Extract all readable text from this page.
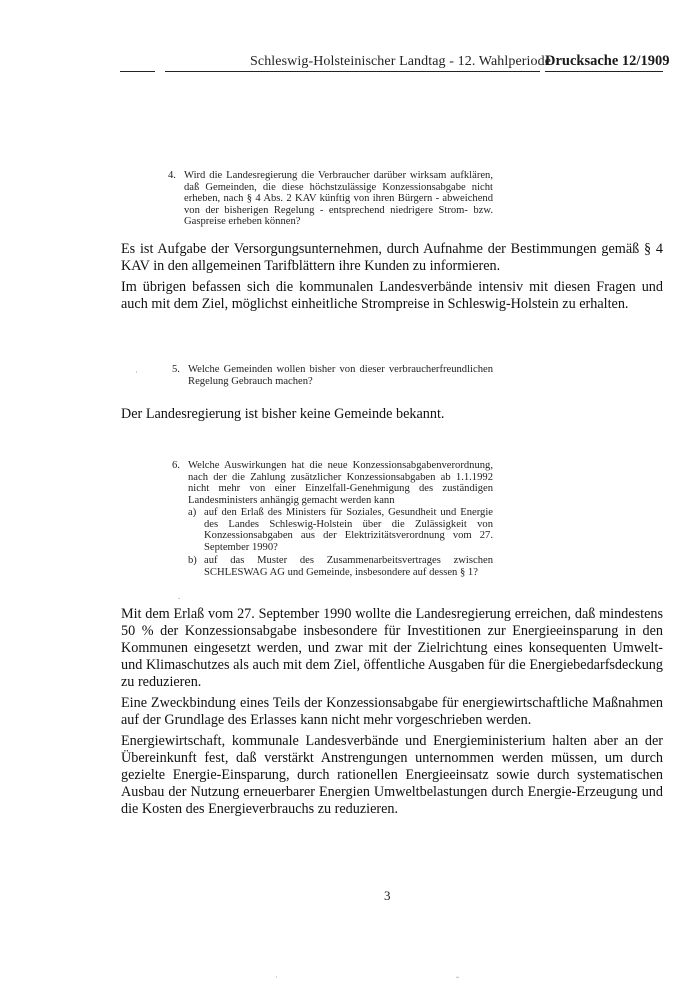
Schleswig-Holsteinischer Landtag - 12. Wahlperiode
Drucksache 12/1909
4. Wird die Landesregierung die Verbraucher darüber wirksam aufklären, daß Gemeinden, die diese höchstzulässige Konzessionsabgabe nicht erheben, nach § 4 Abs. 2 KAV künftig von ihren Bürgern - abweichend von der bisherigen Regelung - entsprechend niedrigere Strom- bzw. Gaspreise erheben können?

Es ist Aufgabe der Versorgungsunternehmen, durch Aufnahme der Bestimmungen gemäß § 4 KAV in den allgemeinen Tarifblättern ihre Kunden zu informieren.

Im übrigen befassen sich die kommunalen Landesverbände intensiv mit diesen Fragen und auch mit dem Ziel, möglichst einheitliche Strompreise in Schleswig-Holstein zu erhalten.

5. Welche Gemeinden wollen bisher von dieser verbraucherfreundlichen Regelung Gebrauch machen?

Der Landesregierung ist bisher keine Gemeinde bekannt.

6. Welche Auswirkungen hat die neue Konzessionsabgabenverordnung, nach der die Zahlung zusätzlicher Konzessionsabgaben ab 1.1.1992 nicht mehr von einer Einzelfall-Genehmigung des zuständigen Landesministers anhängig gemacht werden kann
a) auf den Erlaß des Ministers für Soziales, Gesundheit und Energie des Landes Schleswig-Holstein über die Zulässigkeit von Konzessionsabgaben aus der Elektrizitätsverordnung vom 27. September 1990?
b) auf das Muster des Zusammenarbeitsvertrages zwischen SCHLESWAG AG und Gemeinde, insbesondere auf dessen § 1?

Mit dem Erlaß vom 27. September 1990 wollte die Landesregierung erreichen, daß mindestens 50 % der Konzessionsabgabe insbesondere für Investitionen zur Energieeinsparung in den Kommunen eingesetzt werden, und zwar mit der Zielrichtung eines konsequenten Umwelt- und Klimaschutzes als auch mit dem Ziel, öffentliche Ausgaben für die Energiebedarfsdeckung zu reduzieren.

Eine Zweckbindung eines Teils der Konzessionsabgabe für energiewirtschaftliche Maßnahmen auf der Grundlage des Erlasses kann nicht mehr vorgeschrieben werden.

Energiewirtschaft, kommunale Landesverbände und Energieministerium halten aber an der Übereinkunft fest, daß verstärkt Anstrengungen unternommen werden müssen, um durch gezielte Energie-Einsparung, durch rationellen Energieeinsatz sowie durch systematischen Ausbau der Nutzung erneuerbarer Energien Umweltbelastungen durch Energie-Erzeugung und die Kosten des Energieverbrauchs zu reduzieren.

3
·
.
˙	ˇ
